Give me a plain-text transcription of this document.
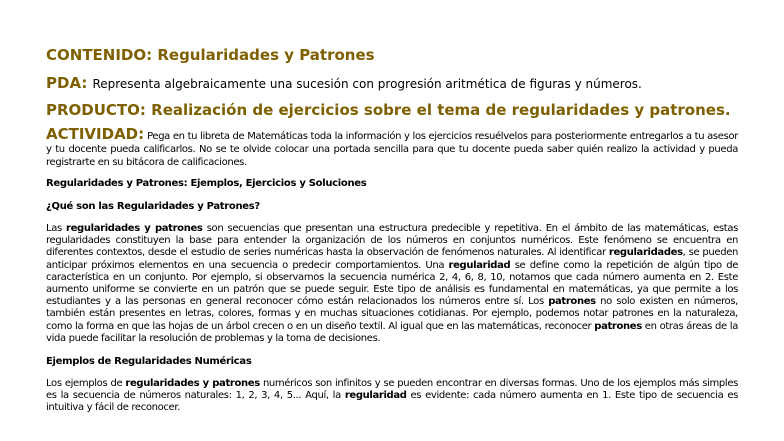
CONTENIDO: Regularidades y Patrones

PDA: Representa algebraicamente una sucesión con progresión aritmética de figuras y números.

PRODUCTO: Realización de ejercicios sobre el tema de regularidades y patrones.

ACTIVIDAD: Pega en tu libreta de Matemáticas toda la información y los ejercicios resuélvelos para posteriormente entregarlos a tu asesor y tu docente pueda calificarlos. No se te olvide colocar una portada sencilla para que tu docente pueda saber quién realizo la actividad y pueda registrarte en su bitácora de calificaciones.

Regularidades y Patrones: Ejemplos, Ejercicios y Soluciones

¿Qué son las Regularidades y Patrones?

Las regularidades y patrones son secuencias que presentan una estructura predecible y repetitiva. En el ámbito de las matemáticas, estas regularidades constituyen la base para entender la organización de los números en conjuntos numéricos. Este fenómeno se encuentra en diferentes contextos, desde el estudio de series numéricas hasta la observación de fenómenos naturales. Al identificar regularidades, se pueden anticipar próximos elementos en una secuencia o predecir comportamientos. Una regularidad se define como la repetición de algún tipo de característica en un conjunto. Por ejemplo, si observamos la secuencia numérica 2, 4, 6, 8, 10, notamos que cada número aumenta en 2. Este aumento uniforme se convierte en un patrón que se puede seguir. Este tipo de análisis es fundamental en matemáticas, ya que permite a los estudiantes y a las personas en general reconocer cómo están relacionados los números entre sí. Los patrones no solo existen en números, también están presentes en letras, colores, formas y en muchas situaciones cotidianas. Por ejemplo, podemos notar patrones en la naturaleza, como la forma en que las hojas de un árbol crecen o en un diseño textil. Al igual que en las matemáticas, reconocer patrones en otras áreas de la vida puede facilitar la resolución de problemas y la toma de decisiones.

Ejemplos de Regularidades Numéricas

Los ejemplos de regularidades y patrones numéricos son infinitos y se pueden encontrar en diversas formas. Uno de los ejemplos más simples es la secuencia de números naturales: 1, 2, 3, 4, 5... Aquí, la regularidad es evidente: cada número aumenta en 1. Este tipo de secuencia es intuitiva y fácil de reconocer.
